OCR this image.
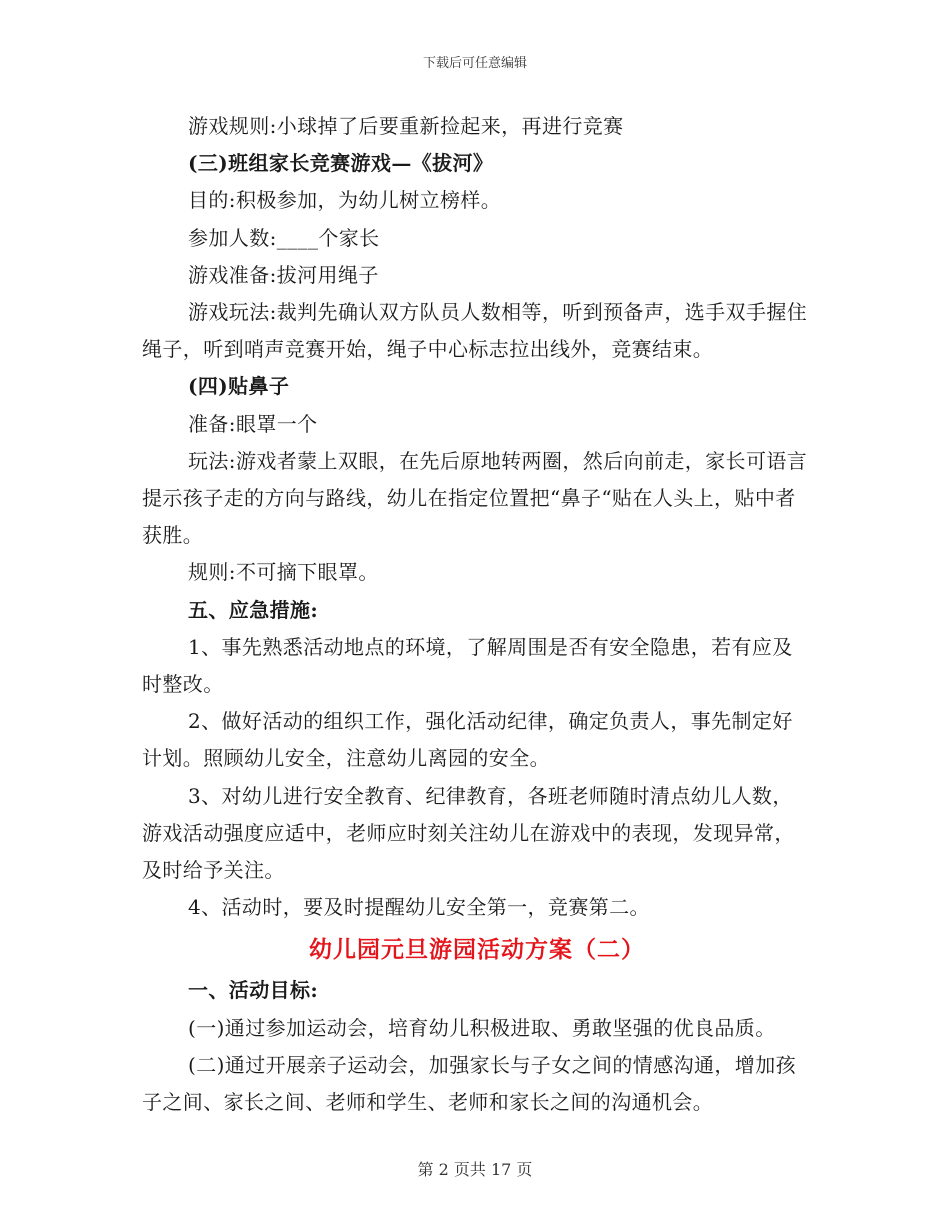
下载后可任意编辑

游戏规则:小球掉了后要重新捡起来，再进行竞赛

(三)班组家长竞赛游戏—《拔河》

目的:积极参加，为幼儿树立榜样。

参加人数:____个家长

游戏准备:拔河用绳子

游戏玩法:裁判先确认双方队员人数相等，听到预备声，选手双手握住绳子，听到哨声竞赛开始，绳子中心标志拉出线外，竞赛结束。

(四)贴鼻子

准备:眼罩一个

玩法:游戏者蒙上双眼，在先后原地转两圈，然后向前走，家长可语言提示孩子走的方向与路线，幼儿在指定位置把“鼻子“贴在人头上，贴中者获胜。

规则:不可摘下眼罩。

五、应急措施:

1、事先熟悉活动地点的环境，了解周围是否有安全隐患，若有应及时整改。

2、做好活动的组织工作，强化活动纪律，确定负责人，事先制定好计划。照顾幼儿安全，注意幼儿离园的安全。

3、对幼儿进行安全教育、纪律教育，各班老师随时清点幼儿人数，游戏活动强度应适中，老师应时刻关注幼儿在游戏中的表现，发现异常，及时给予关注。

4、活动时，要及时提醒幼儿安全第一，竞赛第二。

幼儿园元旦游园活动方案（二）

一、活动目标:

(一)通过参加运动会，培育幼儿积极进取、勇敢坚强的优良品质。

(二)通过开展亲子运动会，加强家长与子女之间的情感沟通，增加孩子之间、家长之间、老师和学生、老师和家长之间的沟通机会。

第 2 页共 17 页
